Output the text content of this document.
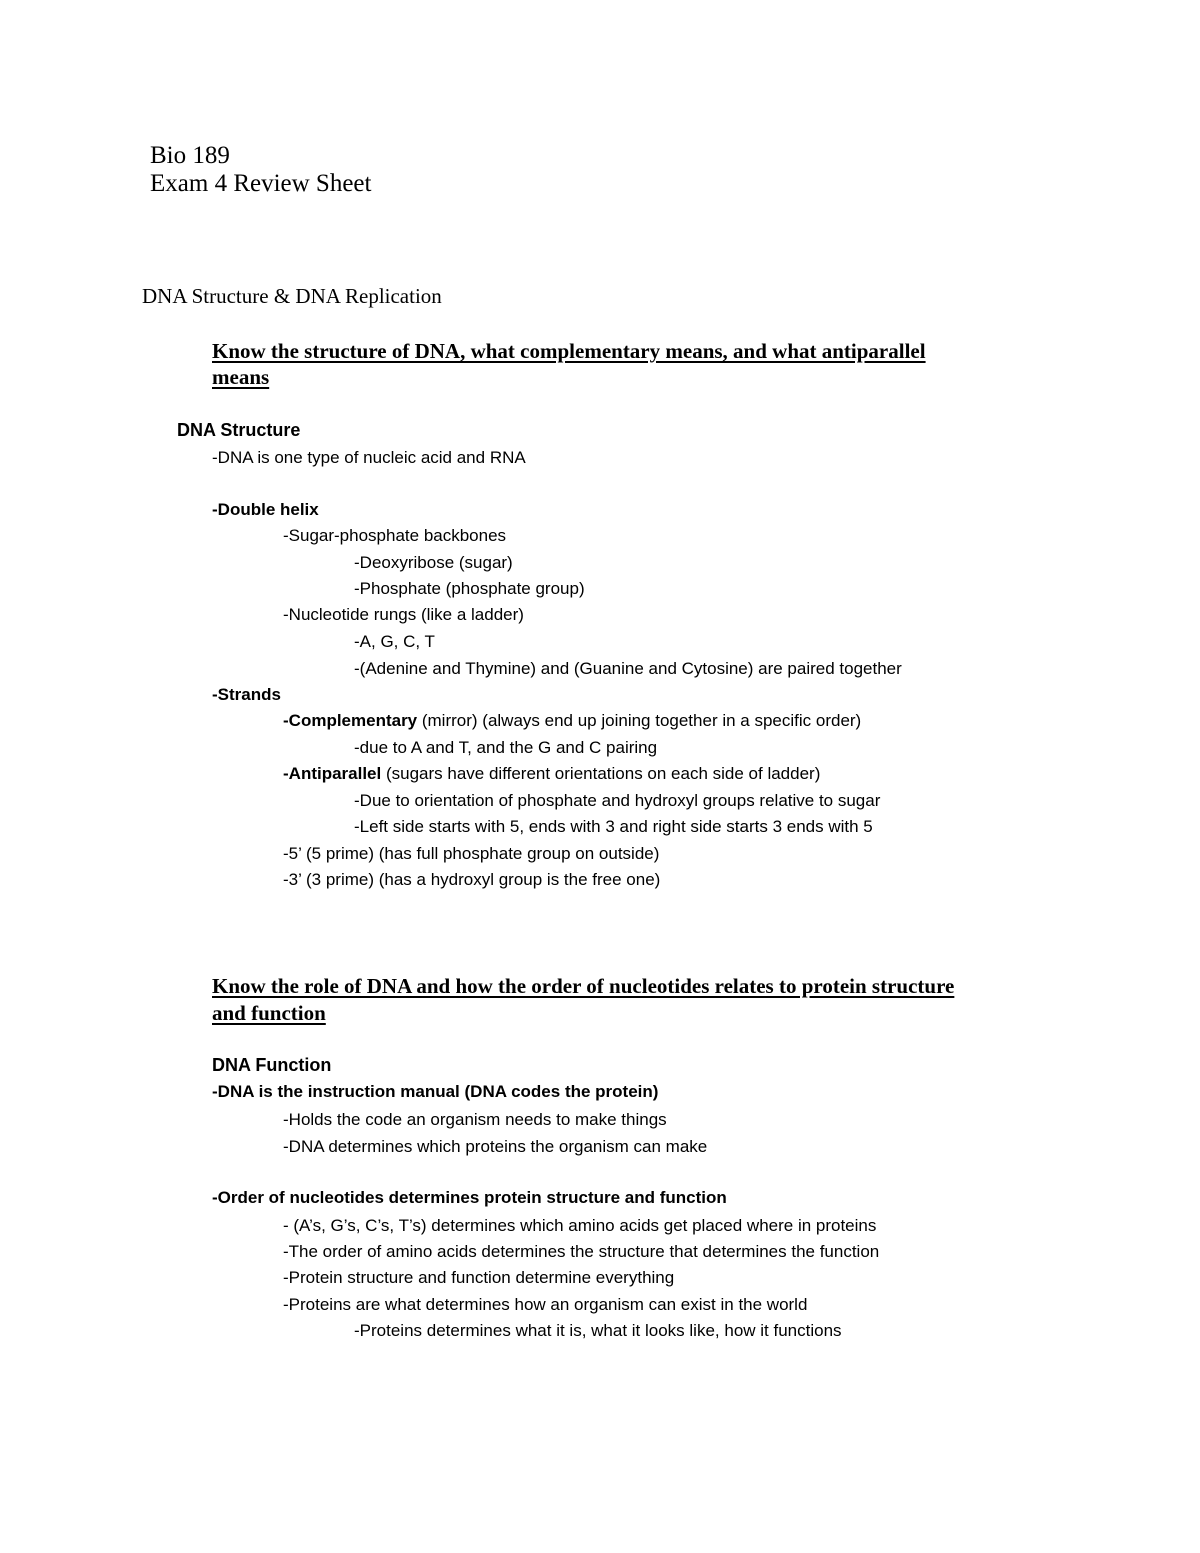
Bio 189
Exam 4 Review Sheet
DNA Structure & DNA Replication
Know the structure of DNA, what complementary means, and what antiparallel
means
DNA Structure
-DNA is one type of nucleic acid and RNA
-Double helix
-Sugar-phosphate backbones
-Deoxyribose (sugar)
-Phosphate (phosphate group)
-Nucleotide rungs (like a ladder)
-A, G, C, T
-(Adenine and Thymine) and (Guanine and Cytosine) are paired together
-Strands
-Complementary (mirror) (always end up joining together in a specific order)
-due to A and T, and the G and C pairing
-Antiparallel (sugars have different orientations on each side of ladder)
-Due to orientation of phosphate and hydroxyl groups relative to sugar
-Left side starts with 5, ends with 3 and right side starts 3 ends with 5
-5’ (5 prime) (has full phosphate group on outside)
-3’ (3 prime) (has a hydroxyl group is the free one)
Know the role of DNA and how the order of nucleotides relates to protein structure
and function
DNA Function
-DNA is the instruction manual (DNA codes the protein)
-Holds the code an organism needs to make things
-DNA determines which proteins the organism can make
-Order of nucleotides determines protein structure and function
- (A’s, G’s, C’s, T’s) determines which amino acids get placed where in proteins
-The order of amino acids determines the structure that determines the function
-Protein structure and function determine everything
-Proteins are what determines how an organism can exist in the world
-Proteins determines what it is, what it looks like, how it functions
